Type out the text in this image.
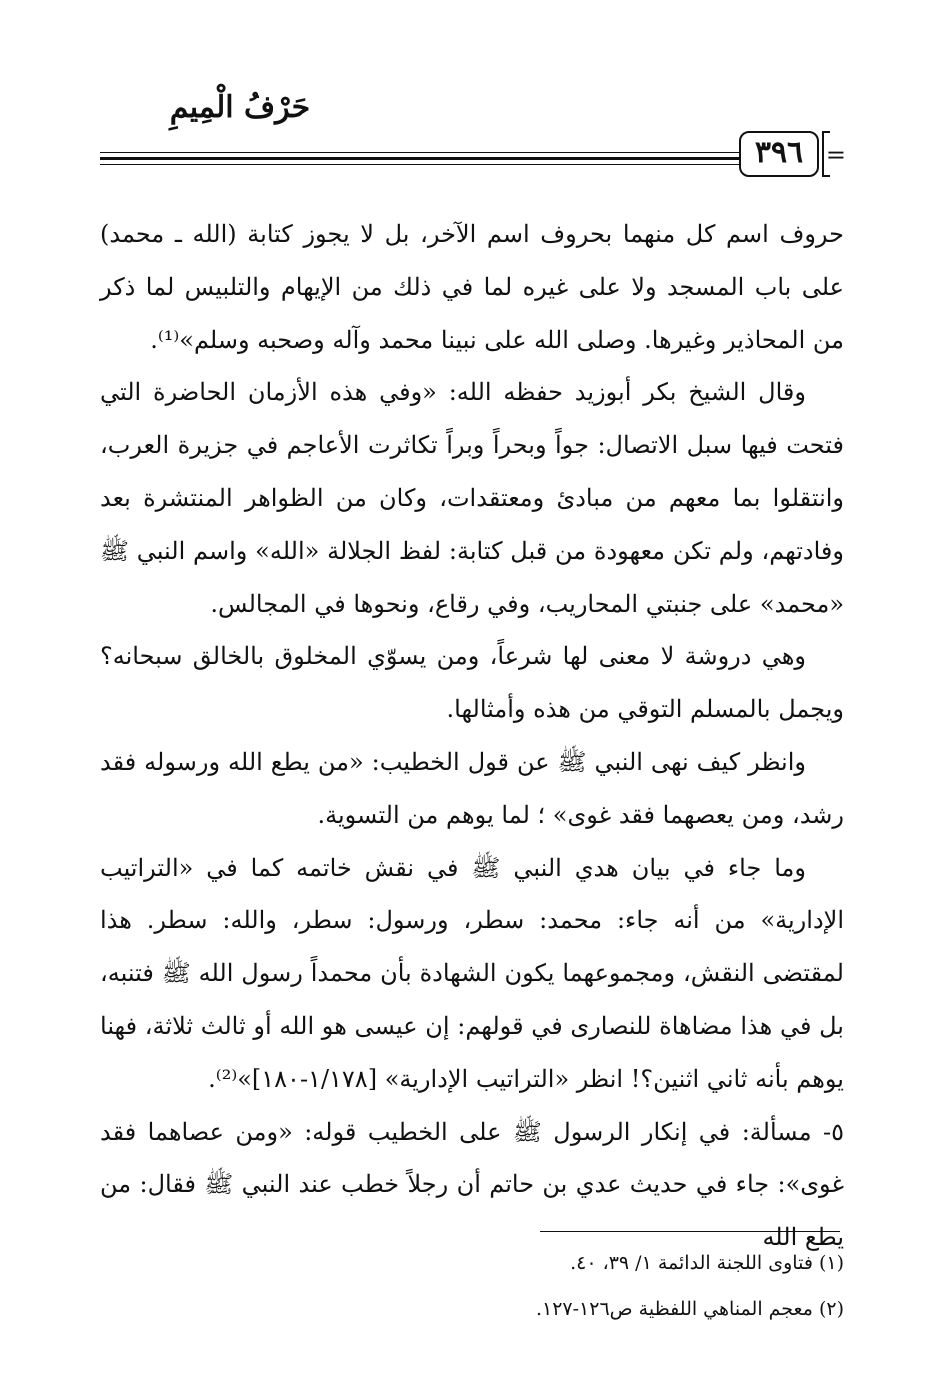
حَرْفُ الْمِيمِ
٣٩٦ =

حروف اسم كل منهما بحروف اسم الآخر، بل لا يجوز كتابة (الله ـ محمد) على باب المسجد ولا على غيره لما في ذلك من الإيهام والتلبيس لما ذكر من المحاذير وغيرها. وصلى الله على نبينا محمد وآله وصحبه وسلم»⁽¹⁾.

وقال الشيخ بكر أبوزيد حفظه الله: «وفي هذه الأزمان الحاضرة التي فتحت فيها سبل الاتصال: جواً وبحراً وبراً تكاثرت الأعاجم في جزيرة العرب، وانتقلوا بما معهم من مبادئ ومعتقدات، وكان من الظواهر المنتشرة بعد وفادتهم، ولم تكن معهودة من قبل كتابة: لفظ الجلالة «الله» واسم النبي ﷺ «محمد» على جنبتي المحاريب، وفي رقاع، ونحوها في المجالس.

وهي دروشة لا معنى لها شرعاً، ومن يسوّي المخلوق بالخالق سبحانه؟ ويجمل بالمسلم التوقي من هذه وأمثالها.

وانظر كيف نهى النبي ﷺ عن قول الخطيب: «من يطع الله ورسوله فقد رشد، ومن يعصهما فقد غوى» ؛ لما يوهم من التسوية.

وما جاء في بيان هدي النبي ﷺ في نقش خاتمه كما في «التراتيب الإدارية» من أنه جاء: محمد: سطر، ورسول: سطر، والله: سطر. هذا لمقتضى النقش، ومجموعهما يكون الشهادة بأن محمداً رسول الله ﷺ فتنبه، بل في هذا مضاهاة للنصارى في قولهم: إن عيسى هو الله أو ثالث ثلاثة، فهنا يوهم بأنه ثاني اثنين؟! انظر «التراتيب الإدارية» [١/١٧٨-١٨٠]»⁽²⁾.

٥- مسألة: في إنكار الرسول ﷺ على الخطيب قوله: «ومن عصاهما فقد غوى»: جاء في حديث عدي بن حاتم أن رجلاً خطب عند النبي ﷺ فقال: من يطع الله

(١) فتاوى اللجنة الدائمة ١/ ٣٩، ٤٠.
(٢) معجم المناهي اللفظية ص١٢٦-١٢٧.
